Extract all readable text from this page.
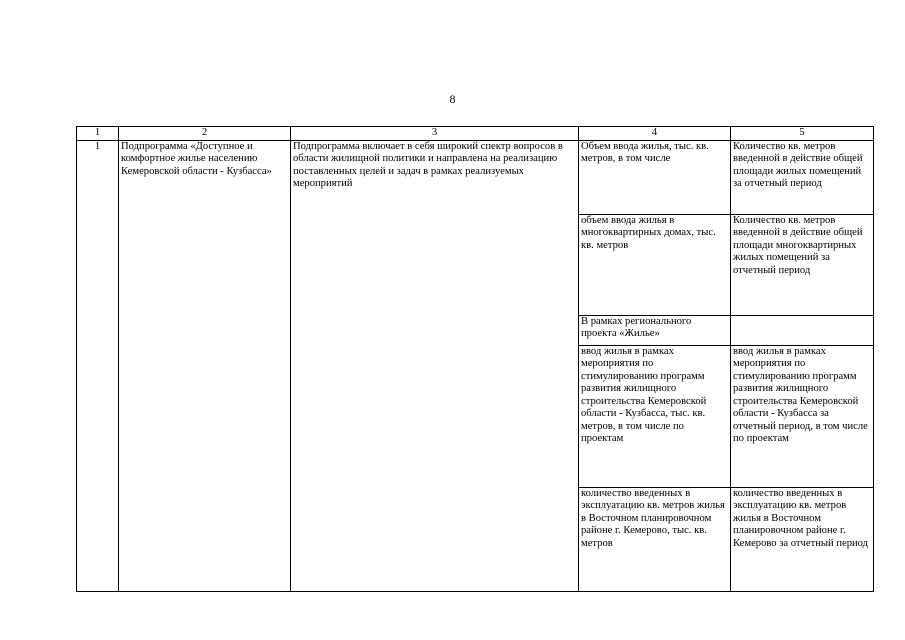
8
1	2	3	4	5
1	Подпрограмма «Доступное и комфортное жилье населению Кемеровской области - Кузбасса»	Подпрограмма включает в себя широкий спектр вопросов в области жилищной политики и направлена на реализацию поставленных целей и задач в рамках реализуемых мероприятий	Объем ввода жилья, тыс. кв. метров, в том числе	Количество кв. метров введенной в действие общей площади жилых помещений за отчетный период
			объем ввода жилья в многоквартирных домах, тыс. кв. метров	Количество кв. метров введенной в действие общей площади многоквартирных жилых помещений за отчетный период
			В рамках регионального проекта «Жилье»	
			ввод жилья в рамках мероприятия по стимулированию программ развития жилищного строительства Кемеровской области - Кузбасса, тыс. кв. метров, в том числе по проектам	ввод жилья в рамках мероприятия по стимулированию программ развития жилищного строительства Кемеровской области - Кузбасса за отчетный период, в том числе по проектам
			количество введенных в эксплуатацию кв. метров жилья в Восточном планировочном районе г. Кемерово, тыс. кв. метров	количество введенных в эксплуатацию кв. метров жилья в Восточном планировочном районе г. Кемерово за отчетный период
